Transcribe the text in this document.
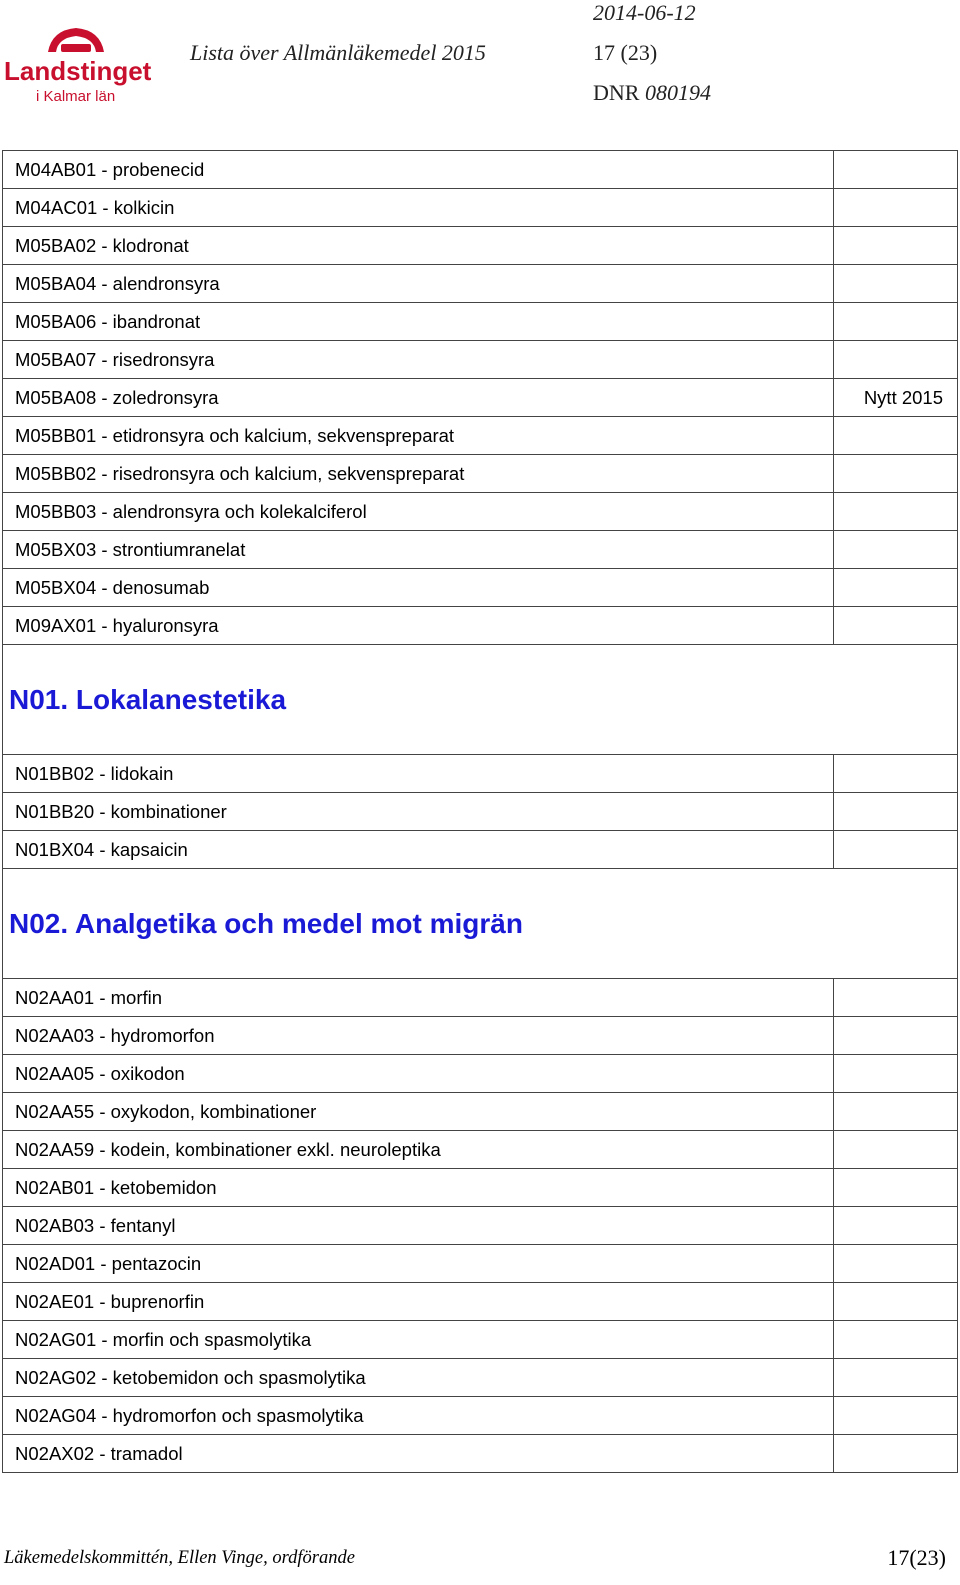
Landstinget
i Kalmar län
2014-06-12
Lista över Allmänläkemedel 2015	17 (23)
DNR 080194
M04AB01 - probenecid	
M04AC01 - kolkicin	
M05BA02 - klodronat	
M05BA04 - alendronsyra	
M05BA06 - ibandronat	
M05BA07 - risedronsyra	
M05BA08 - zoledronsyra	Nytt 2015
M05BB01 - etidronsyra och kalcium, sekvenspreparat	
M05BB02 - risedronsyra och kalcium, sekvenspreparat	
M05BB03 - alendronsyra och kolekalciferol	
M05BX03 - strontiumranelat	
M05BX04 - denosumab	
M09AX01 - hyaluronsyra	
N01. Lokalanestetika	
N01BB02 - lidokain	
N01BB20 - kombinationer	
N01BX04 - kapsaicin	
N02. Analgetika och medel mot migrän	
N02AA01 - morfin	
N02AA03 - hydromorfon	
N02AA05 - oxikodon	
N02AA55 - oxykodon, kombinationer	
N02AA59 - kodein, kombinationer exkl. neuroleptika	
N02AB01 - ketobemidon	
N02AB03 - fentanyl	
N02AD01 - pentazocin	
N02AE01 - buprenorfin	
N02AG01 - morfin och spasmolytika	
N02AG02 - ketobemidon och spasmolytika	
N02AG04 - hydromorfon och spasmolytika	
N02AX02 - tramadol	
Läkemedelskommittén, Ellen Vinge, ordförande	17(23)
